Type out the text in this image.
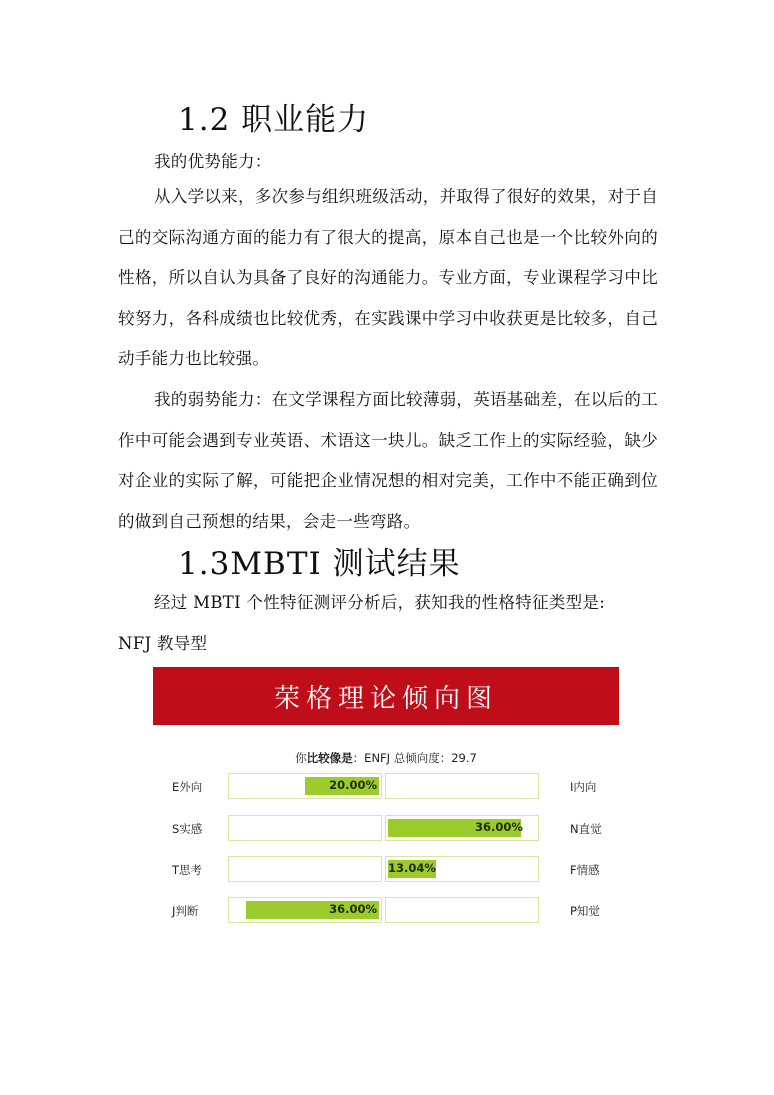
1.2 职业能力

我的优势能力：

从入学以来，多次参与组织班级活动，并取得了很好的效果，对于自己的交际沟通方面的能力有了很大的提高，原本自己也是一个比较外向的性格，所以自认为具备了良好的沟通能力。专业方面，专业课程学习中比较努力，各科成绩也比较优秀，在实践课中学习中收获更是比较多，自己动手能力也比较强。

我的弱势能力：在文学课程方面比较薄弱，英语基础差，在以后的工作中可能会遇到专业英语、术语这一块儿。缺乏工作上的实际经验，缺少对企业的实际了解，可能把企业情况想的相对完美，工作中不能正确到位的做到自己预想的结果，会走一些弯路。

1.3MBTI 测试结果

经过 MBTI 个性特征测评分析后，获知我的性格特征类型是:
NFJ 教导型

荣格理论倾向图
你比较像是：ENFJ 总倾向度：29.7
E外向	20.00%	I内向
S实感	36.00%	N直觉
T思考	13.04%	F情感
J判断	36.00%	P知觉
